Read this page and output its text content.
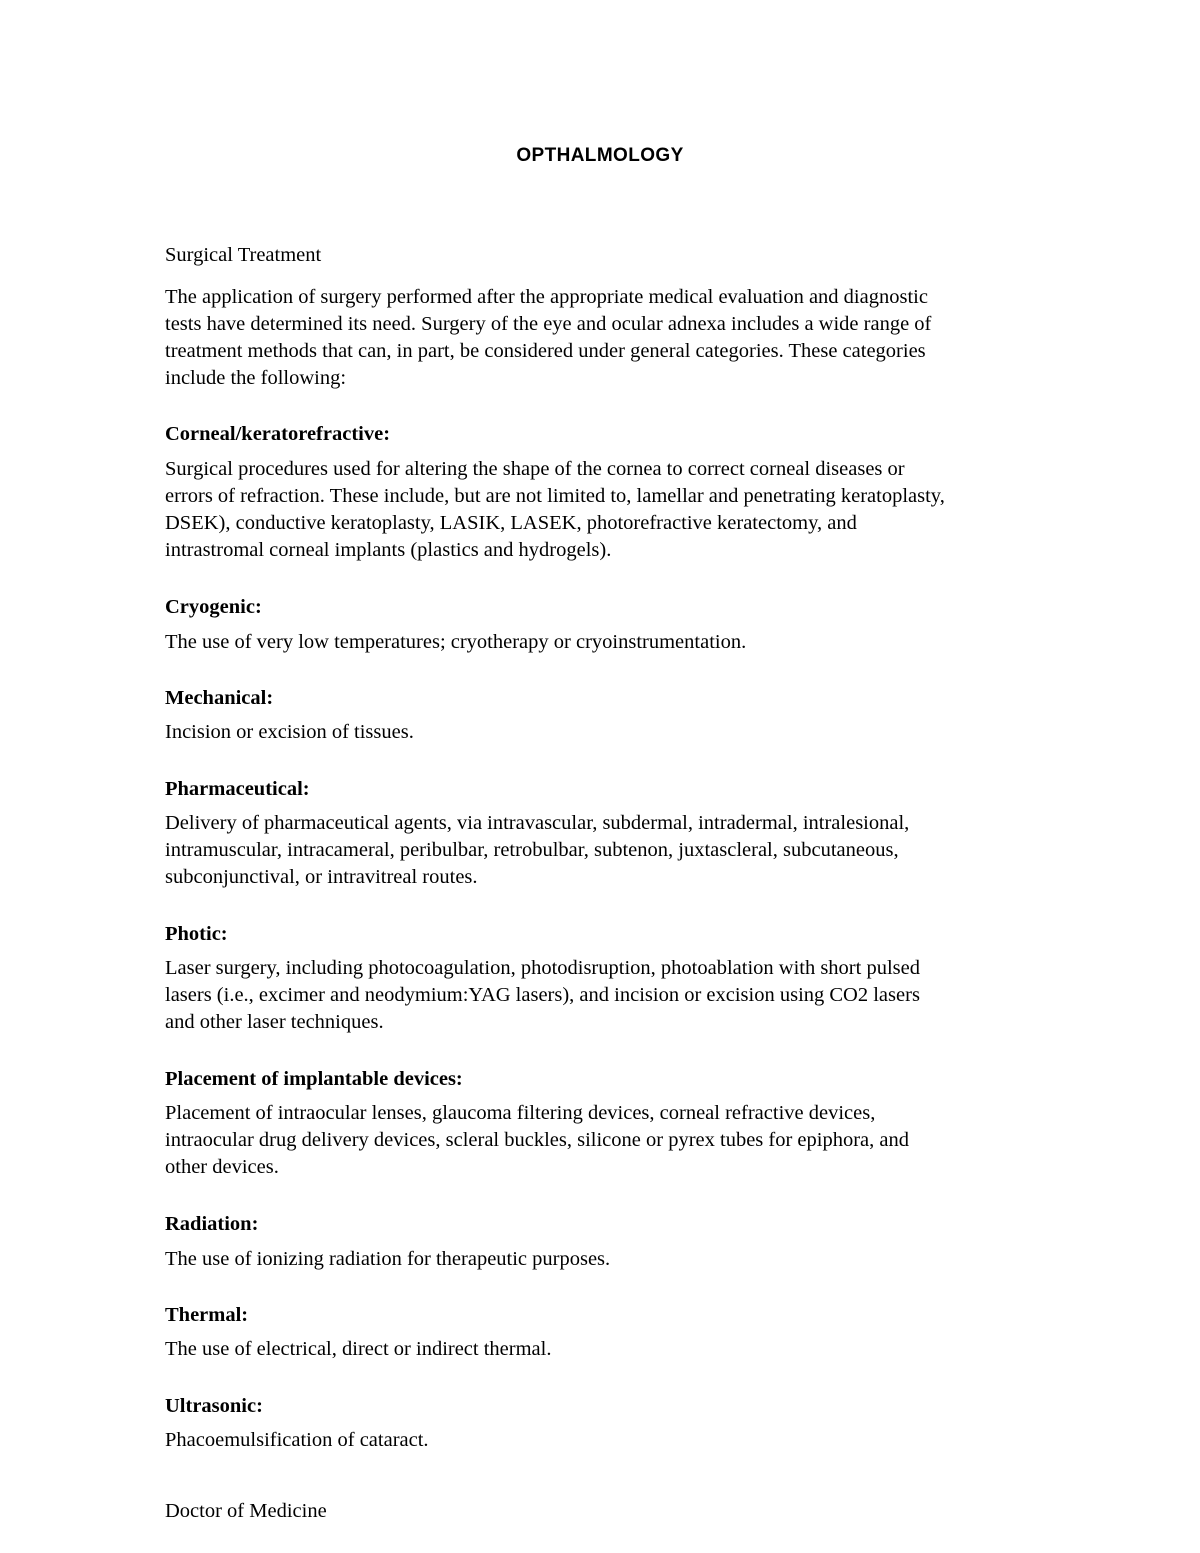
OPTHALMOLOGY
Surgical Treatment
The application of surgery performed after the appropriate medical evaluation and diagnostic
tests have determined its need. Surgery of the eye and ocular adnexa includes a wide range of
treatment methods that can, in part, be considered under general categories. These categories
include the following:
Corneal/keratorefractive:
Surgical procedures used for altering the shape of the cornea to correct corneal diseases or
errors of refraction. These include, but are not limited to, lamellar and penetrating keratoplasty,
DSEK), conductive keratoplasty, LASIK, LASEK, photorefractive keratectomy, and
intrastromal corneal implants (plastics and hydrogels).
Cryogenic:
The use of very low temperatures; cryotherapy or cryoinstrumentation.
Mechanical:
Incision or excision of tissues.
Pharmaceutical:
Delivery of pharmaceutical agents, via intravascular, subdermal, intradermal, intralesional,
intramuscular, intracameral, peribulbar, retrobulbar, subtenon, juxtascleral, subcutaneous,
subconjunctival, or intravitreal routes.
Photic:
Laser surgery, including photocoagulation, photodisruption, photoablation with short pulsed
lasers (i.e., excimer and neodymium:YAG lasers), and incision or excision using CO2 lasers
and other laser techniques.
Placement of implantable devices:
Placement of intraocular lenses, glaucoma filtering devices, corneal refractive devices,
intraocular drug delivery devices, scleral buckles, silicone or pyrex tubes for epiphora, and
other devices.
Radiation:
The use of ionizing radiation for therapeutic purposes.
Thermal:
The use of electrical, direct or indirect thermal.
Ultrasonic:
Phacoemulsification of cataract.
Doctor of Medicine
